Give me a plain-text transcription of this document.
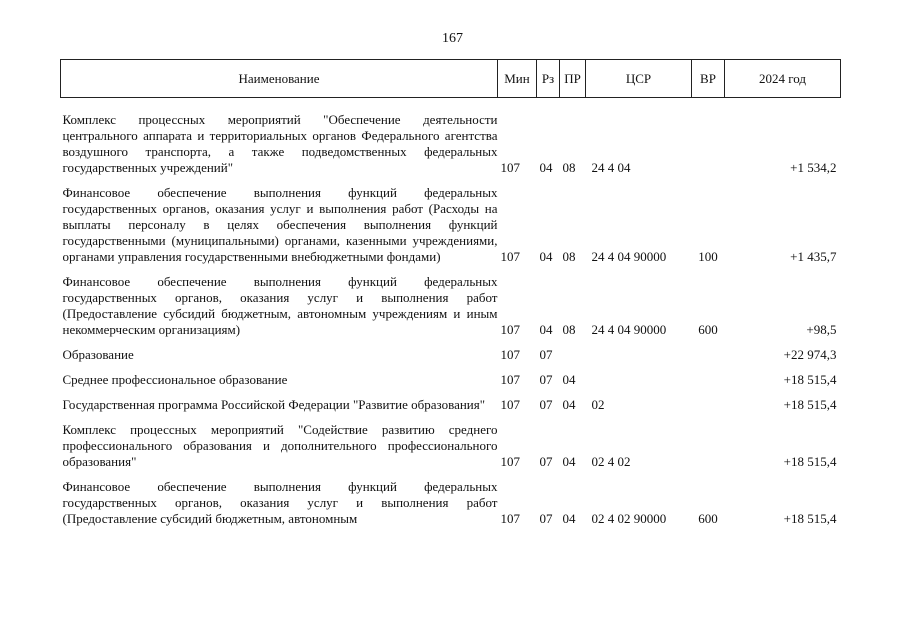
167
Наименование	Мин	Рз	ПР	ЦСР	ВР	2024 год

Комплекс процессных мероприятий "Обеспечение деятельности центрального аппарата и территориальных органов Федерального агентства воздушного транспорта, а также подведомственных федеральных государственных учреждений"	107	04	08	24 4 04		+1 534,2

Финансовое обеспечение выполнения функций федеральных государственных органов, оказания услуг и выполнения работ (Расходы на выплаты персоналу в целях обеспечения выполнения функций государственными (муниципальными) органами, казенными учреждениями, органами управления государственными внебюджетными фондами)	107	04	08	24 4 04 90000	100	+1 435,7

Финансовое обеспечение выполнения функций федеральных государственных органов, оказания услуг и выполнения работ (Предоставление субсидий бюджетным, автономным учреждениям и иным некоммерческим организациям)	107	04	08	24 4 04 90000	600	+98,5

Образование	107	07				+22 974,3

Среднее профессиональное образование	107	07	04			+18 515,4

Государственная программа Российской Федерации "Развитие образования"	107	07	04	02		+18 515,4

Комплекс процессных мероприятий "Содействие развитию среднего профессионального образования и дополнительного профессионального образования"	107	07	04	02 4 02		+18 515,4

Финансовое обеспечение выполнения функций федеральных государственных органов, оказания услуг и выполнения работ (Предоставление субсидий бюджетным, автономным	107	07	04	02 4 02 90000	600	+18 515,4
